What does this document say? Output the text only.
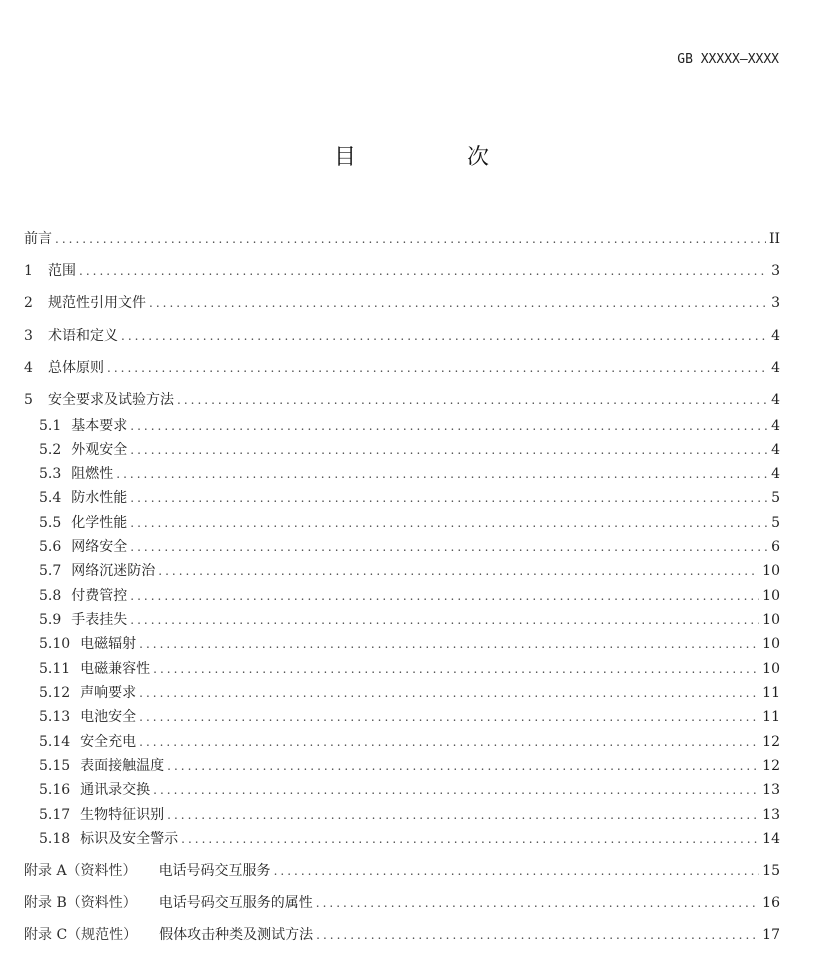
GB XXXXX—XXXX
目 次
前言 .....	II
1	范围 .....	3
2	规范性引用文件 .....	3
3	术语和定义 .....	4
4	总体原则 .....	4
5	安全要求及试验方法 .....	4
5.1 基本要求 .....	4
5.2 外观安全 .....	4
5.3 阻燃性 .....	4
5.4 防水性能 .....	5
5.5 化学性能 .....	5
5.6 网络安全 .....	6
5.7 网络沉迷防治 .....	10
5.8 付费管控 .....	10
5.9 手表挂失 .....	10
5.10 电磁辐射 .....	10
5.11 电磁兼容性 .....	10
5.12 声响要求 .....	11
5.13 电池安全 .....	11
5.14 安全充电 .....	12
5.15 表面接触温度 .....	12
5.16 通讯录交换 .....	13
5.17 生物特征识别 .....	13
5.18 标识及安全警示 .....	14
附录 A（资料性） 电话号码交互服务 .....	15
附录 B（资料性） 电话号码交互服务的属性 .....	16
附录 C（规范性） 假体攻击种类及测试方法 .....	17
